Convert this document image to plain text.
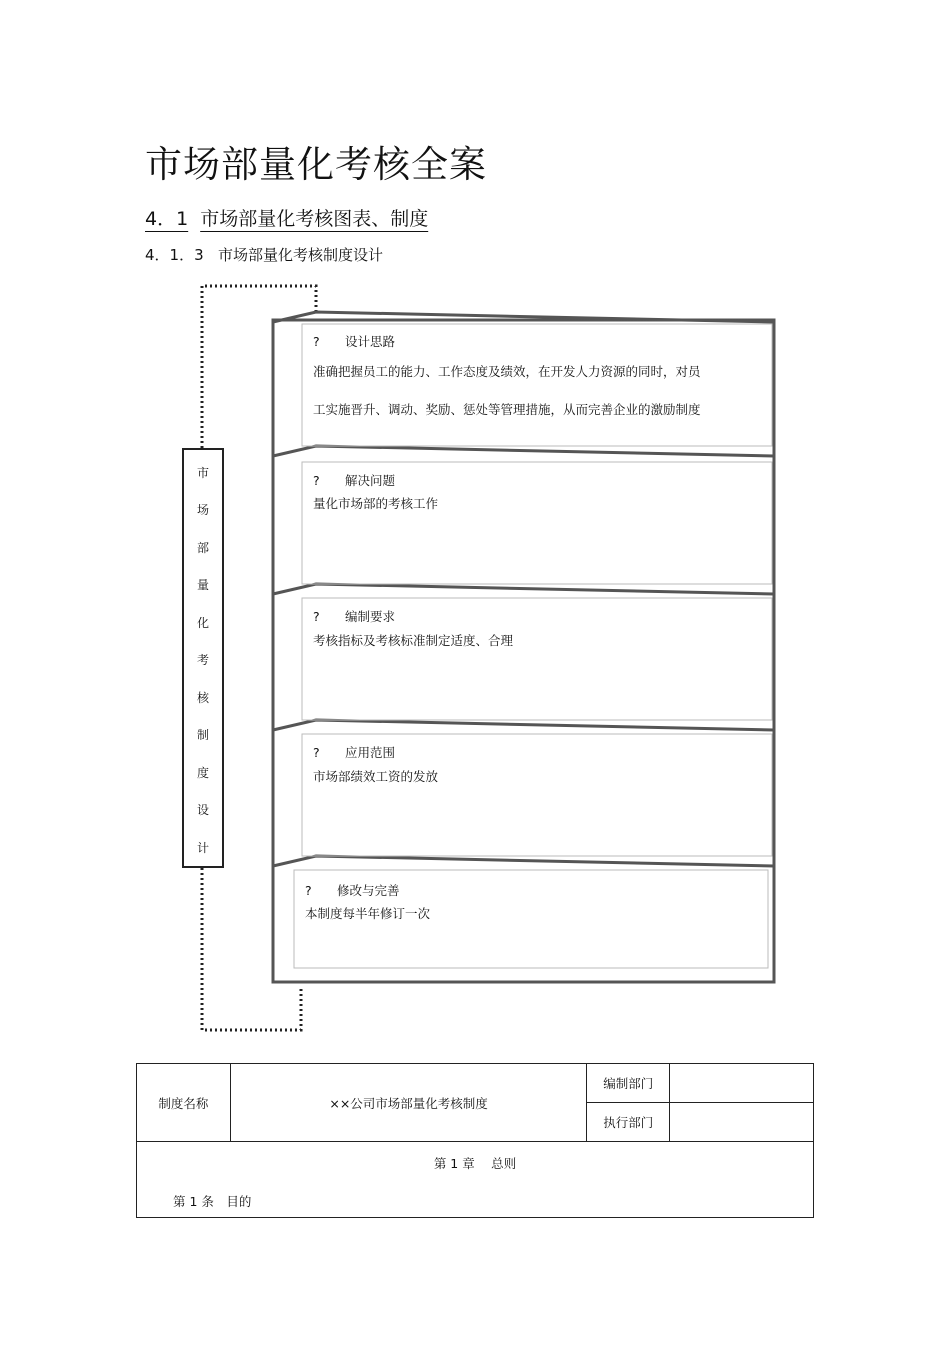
市场部量化考核全案
4．1 市场部量化考核图表、制度
4．1．3 市场部量化考核制度设计
市
场
部
量
化
考
核
制
度
设
计
? 设计思路
准确把握员工的能力、工作态度及绩效，在开发人力资源的同时，对员
工实施晋升、调动、奖励、惩处等管理措施，从而完善企业的激励制度
? 解决问题
量化市场部的考核工作
? 编制要求
考核指标及考核标准制定适度、合理
? 应用范围
市场部绩效工资的发放
? 修改与完善
本制度每半年修订一次
制度名称	××公司市场部量化考核制度	编制部门	
		执行部门	

第 1 章　 总则
第 1 条　目的			
